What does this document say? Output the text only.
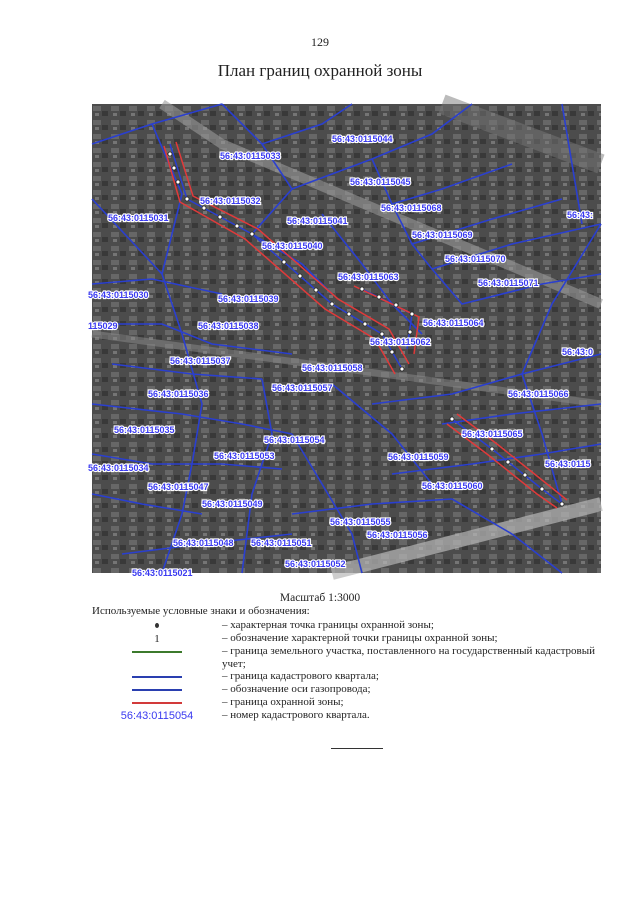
129
План границ охранной зоны
56:43:0115044
56:43:0115033
56:43:0115045
56:43:0115032
56:43:0115068
56:43:0115031	56:43:0115041
56:43:
56:43:0115069
56:43:0115040
56:43:0115070
56:43:0115063
56:43:0115071
56:43:0115030	56:43:0115039
56:43:0115064
115029	56:43:0115038
56:43:0115062
56:43:0
56:43:0115037
56:43:0115058
56:43:0115036
56:43:0115057
56:43:0115066
56:43:0115035	56:43:0115065
56:43:0115054
56:43:0115053	56:43:0115059
56:43:0115034	56:43:0115
56:43:0115047	56:43:0115060
56:43:0115049
56:43:0115055
56:43:0115056
56:43:0115048 56:43:0115051
56:43:0115052
56:43:0115021
Масштаб 1:3000
Используемые условные знаки и обозначения:
– характерная точка границы охранной зоны;
1	– обозначение характерной точки границы охранной зоны;
– граница земельного участка, поставленного на государственный кадастровый учет;
– граница кадастрового квартала;
– обозначение оси газопровода;
– граница охранной зоны;
56:43:0115054	– номер кадастрового квартала.
